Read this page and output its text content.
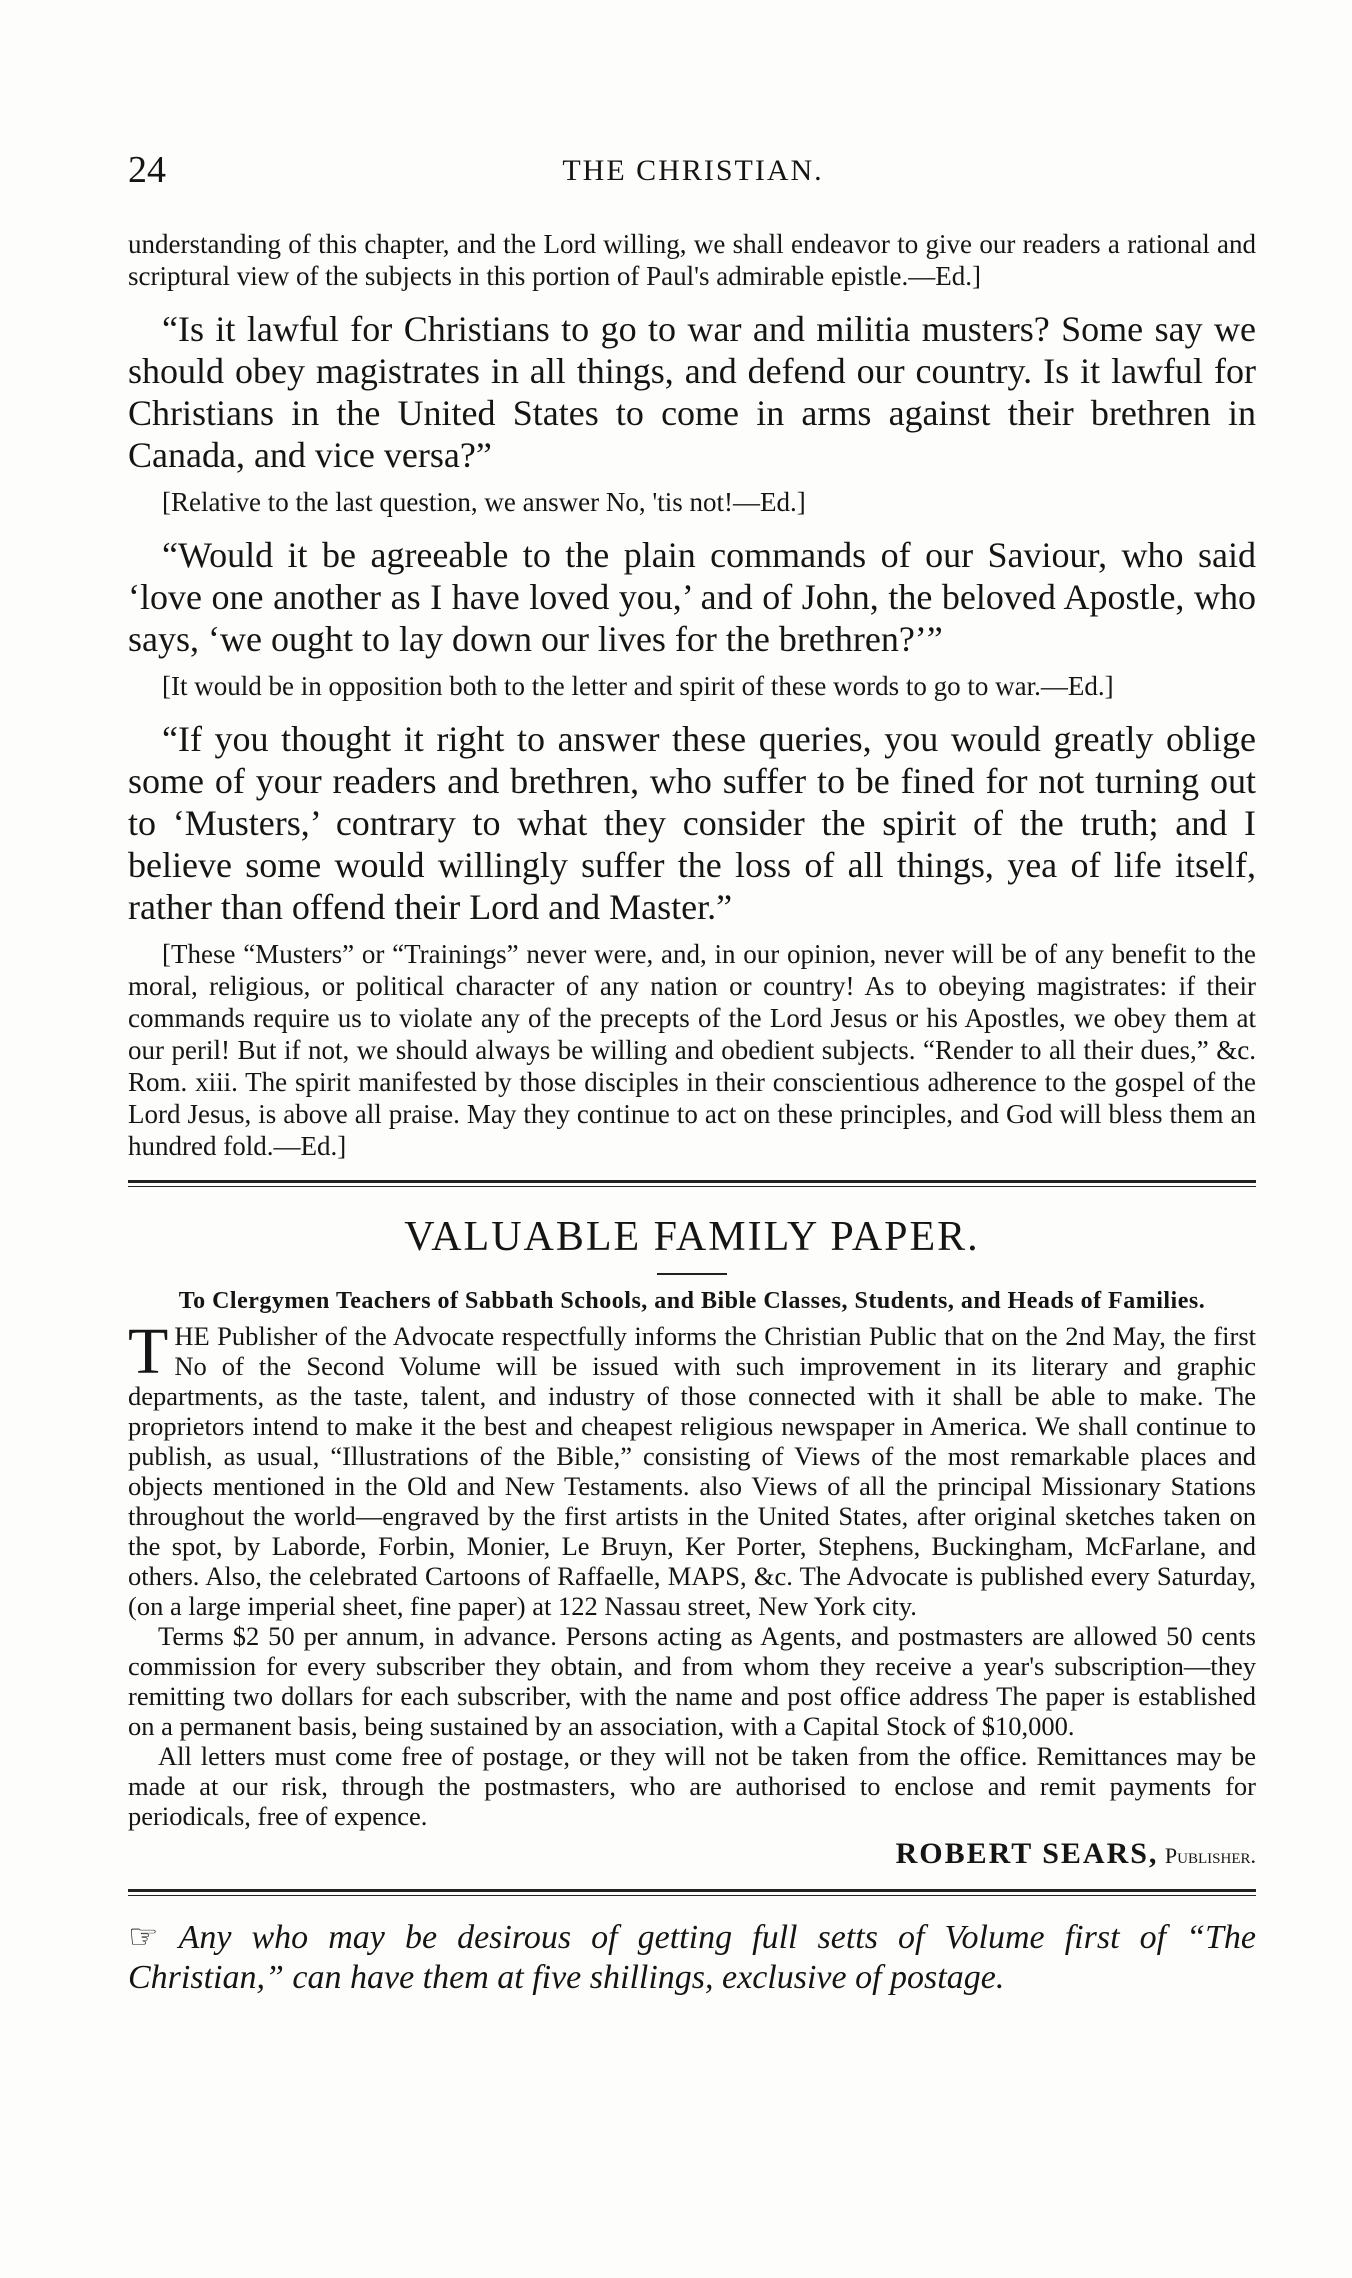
24	THE CHRISTIAN.

understanding of this chapter, and the Lord willing, we shall endeavor to give our readers a rational and scriptural view of the subjects in this portion of Paul's admirable epistle.—Ed.]

“Is it lawful for Christians to go to war and militia musters? Some say we should obey magistrates in all things, and defend our country. Is it lawful for Christians in the United States to come in arms against their brethren in Canada, and vice versa?”

[Relative to the last question, we answer No, 'tis not!—Ed.]

“Would it be agreeable to the plain commands of our Saviour, who said ‘love one another as I have loved you,’ and of John, the beloved Apostle, who says, ‘we ought to lay down our lives for the brethren?’”

[It would be in opposition both to the letter and spirit of these words to go to war.—Ed.]

“If you thought it right to answer these queries, you would greatly oblige some of your readers and brethren, who suffer to be fined for not turning out to ‘Musters,’ contrary to what they consider the spirit of the truth; and I believe some would willingly suffer the loss of all things, yea of life itself, rather than offend their Lord and Master.”

[These “Musters” or “Trainings” never were, and, in our opinion, never will be of any benefit to the moral, religious, or political character of any nation or country! As to obeying magistrates: if their commands require us to violate any of the precepts of the Lord Jesus or his Apostles, we obey them at our peril! But if not, we should always be willing and obedient subjects. “Render to all their dues,” &c. Rom. xiii. The spirit manifested by those disciples in their conscientious adherence to the gospel of the Lord Jesus, is above all praise. May they continue to act on these principles, and God will bless them an hundred fold.—Ed.]

VALUABLE FAMILY PAPER.
To Clergymen Teachers of Sabbath Schools, and Bible Classes, Students, and Heads of Families.

THE Publisher of the Advocate respectfully informs the Christian Public that on the 2nd May, the first No of the Second Volume will be issued with such improvement in its literary and graphic departments, as the taste, talent, and industry of those connected with it shall be able to make. The proprietors intend to make it the best and cheapest religious newspaper in America. We shall continue to publish, as usual, “Illustrations of the Bible,” consisting of Views of the most remarkable places and objects mentioned in the Old and New Testaments. also Views of all the principal Missionary Stations throughout the world—engraved by the first artists in the United States, after original sketches taken on the spot, by Laborde, Forbin, Monier, Le Bruyn, Ker Porter, Stephens, Buckingham, McFarlane, and others. Also, the celebrated Cartoons of Raffaelle, MAPS, &c. The Advocate is published every Saturday, (on a large imperial sheet, fine paper) at 122 Nassau street, New York city.

Terms $2 50 per annum, in advance. Persons acting as Agents, and postmasters are allowed 50 cents commission for every subscriber they obtain, and from whom they receive a year's subscription—they remitting two dollars for each subscriber, with the name and post office address The paper is established on a permanent basis, being sustained by an association, with a Capital Stock of $10,000.

All letters must come free of postage, or they will not be taken from the office. Remittances may be made at our risk, through the postmasters, who are authorised to enclose and remit payments for periodicals, free of expence.

ROBERT SEARS, Publisher.

☞ Any who may be desirous of getting full setts of Volume first of “The Christian,” can have them at five shillings, exclusive of postage.
